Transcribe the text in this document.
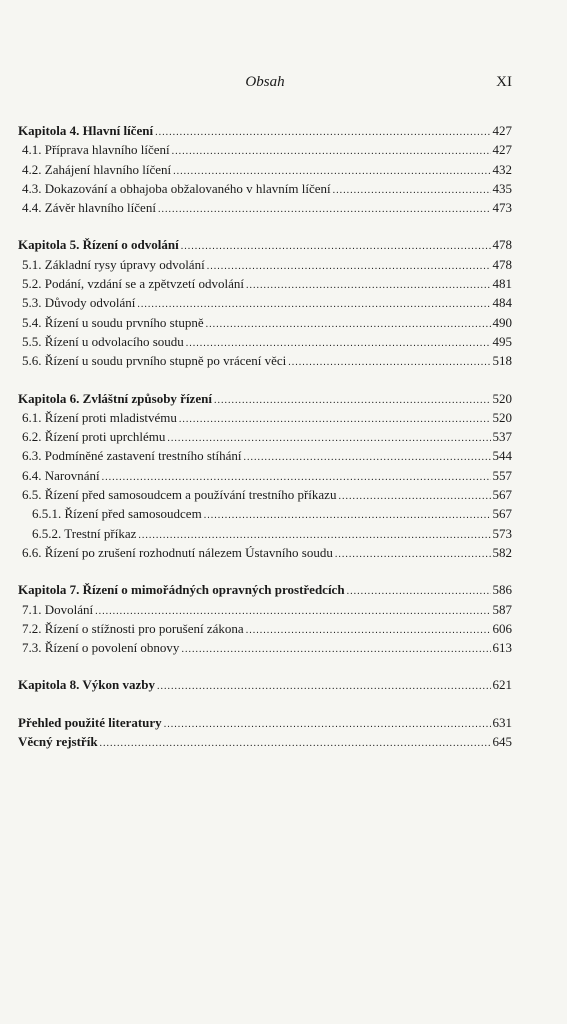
Obsah	XI
Kapitola 4. Hlavní líčení .....	427
4.1. Příprava hlavního líčení .....	427
4.2. Zahájení hlavního líčení .....	432
4.3. Dokazování a obhajoba obžalovaného v hlavním líčení .....	435
4.4. Závěr hlavního líčení .....	473
Kapitola 5. Řízení o odvolání .....	478
5.1. Základní rysy úpravy odvolání .....	478
5.2. Podání, vzdání se a zpětvzetí odvolání .....	481
5.3. Důvody odvolání .....	484
5.4. Řízení u soudu prvního stupně .....	490
5.5. Řízení u odvolacího soudu .....	495
5.6. Řízení u soudu prvního stupně po vrácení věci .....	518
Kapitola 6. Zvláštní způsoby řízení .....	520
6.1. Řízení proti mladistvému .....	520
6.2. Řízení proti uprchlému .....	537
6.3. Podmíněné zastavení trestního stíhání .....	544
6.4. Narovnání .....	557
6.5. Řízení před samosoudcem a používání trestního příkazu .....	567
6.5.1. Řízení před samosoudcem .....	567
6.5.2. Trestní příkaz .....	573
6.6. Řízení po zrušení rozhodnutí nálezem Ústavního soudu .....	582
Kapitola 7. Řízení o mimořádných opravných prostředcích .....	586
7.1. Dovolání .....	587
7.2. Řízení o stížnosti pro porušení zákona .....	606
7.3. Řízení o povolení obnovy .....	613
Kapitola 8. Výkon vazby .....	621
Přehled použité literatury .....	631
Věcný rejstřík .....	645
